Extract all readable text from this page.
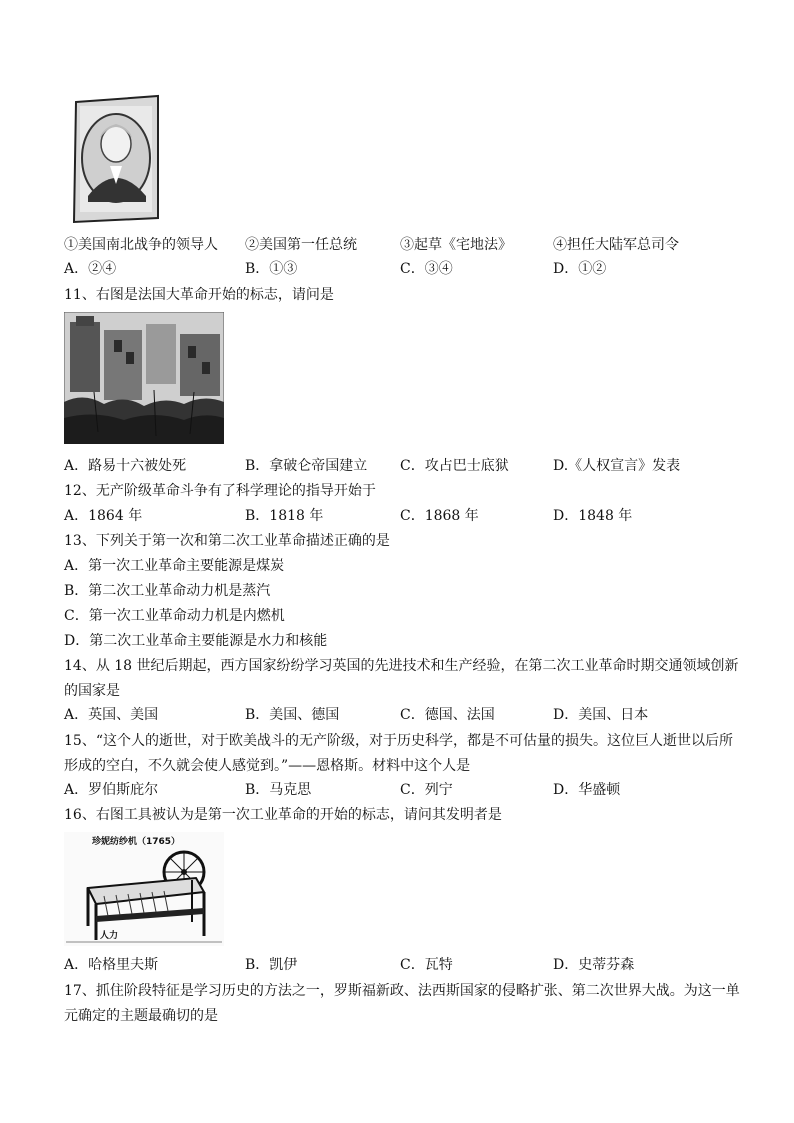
①美国南北战争的领导人 ②美国第一任总统	③起草《宅地法》	④担任大陆军总司令
A．②④	B．①③	C．③④	D．①②
11、右图是法国大革命开始的标志，请问是
A．路易十六被处死	B．拿破仑帝国建立 C．攻占巴士底狱	D.《人权宣言》发表
12、无产阶级革命斗争有了科学理论的指导开始于
A．1864 年	B．1818 年	C．1868 年	D．1848 年
13、下列关于第一次和第二次工业革命描述正确的是
A．第一次工业革命主要能源是煤炭
B．第二次工业革命动力机是蒸汽
C．第一次工业革命动力机是内燃机
D．第二次工业革命主要能源是水力和核能
14、从 18 世纪后期起，西方国家纷纷学习英国的先进技术和生产经验，在第二次工业革命时期交通领域创新
的国家是
A．英国、美国	B．美国、德国	C．德国、法国	D．美国、日本
15、“这个人的逝世，对于欧美战斗的无产阶级，对于历史科学，都是不可估量的损失。这位巨人逝世以后所
形成的空白，不久就会使人感觉到。”——恩格斯。材料中这个人是
A．罗伯斯庇尔	B．马克思	C．列宁	D．华盛顿
16、右图工具被认为是第一次工业革命的开始的标志，请问其发明者是
珍妮纺纱机（1765）
人力
A．哈格里夫斯	B．凯伊	C．瓦特	D．史蒂芬森
17、抓住阶段特征是学习历史的方法之一，罗斯福新政、法西斯国家的侵略扩张、第二次世界大战。为这一单
元确定的主题最确切的是
